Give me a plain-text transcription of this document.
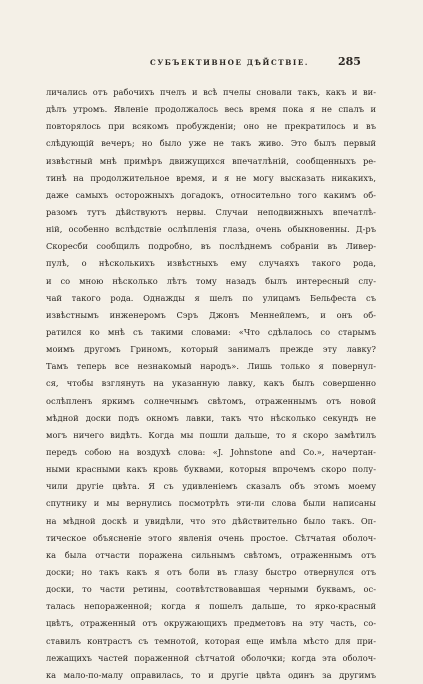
СУБЪЕКТИВНОЕ ДѢЙСТВІЕ.	285
личались отъ рабочихъ пчелъ и всѣ пчелы сновали такъ, какъ и ви-
дѣлъ утромъ. Явленіе продолжалось весь время пока я не спалъ и
повторялось при всякомъ пробужденіи; оно не прекратилось и въ
слѣдующій вечеръ; но было уже не такъ живо. Это былъ первый
извѣстный мнѣ примѣръ движущихся впечатлѣній, сообщенныхъ ре-
тинѣ на продолжительное время, и я не могу высказать никакихъ,
даже самыхъ осторожныхъ догадокъ, относительно того какимъ об-
разомъ тутъ дѣйствуютъ нервы. Случаи неподвижныхъ впечатлѣ-
ній, особенно вслѣдствіе ослѣпленія глаза, очень обыкновенны. Д-ръ
Скоресби сообщилъ подробно, въ послѣднемъ собраніи въ Ливер-
пулѣ, о нѣсколькихъ извѣстныхъ ему случаяхъ такого рода,
и со мною нѣсколько лѣтъ тому назадъ былъ интересный слу-
чай такого рода. Однажды я шелъ по улицамъ Бельфеста съ
извѣстнымъ инженеромъ Сэръ Джонъ Меннейлемъ, и онъ об-
ратился ко мнѣ съ такими словами: «Что сдѣлалось со старымъ
моимъ другомъ Гриномъ, который занималъ прежде эту лавку?
Тамъ теперь все незнакомый народъ». Лишь только я повернул-
ся, чтобы взглянуть на указанную лавку, какъ былъ совершенно
ослѣпленъ яркимъ солнечнымъ свѣтомъ, отраженнымъ отъ новой
мѣдной доски подъ окномъ лавки, такъ что нѣсколько секундъ не
могъ ничего видѣть. Когда мы пошли дальше, то я скоро замѣтилъ
передъ собою на воздухѣ слова: «J. Johnstone and Co.», начертан-
ными красными какъ кровь буквами, которыя впрочемъ скоро полу-
чили другіе цвѣта. Я съ удивленіемъ сказалъ объ этомъ моему
спутнику и мы вернулись посмотрѣть эти-ли слова были написаны
на мѣдной доскѣ и увидѣли, что это дѣйствительно было такъ. Оп-
тическое объясненіе этого явленія очень простое. Сѣтчатая оболоч-
ка была отчасти поражена сильнымъ свѣтомъ, отраженнымъ отъ
доски; но такъ какъ я отъ боли въ глазу быстро отвернулся отъ
доски, то части ретины, соотвѣтствовавшая черными буквамъ, ос-
талась непораженной; когда я пошелъ дальше, то ярко-красный
цвѣтъ, отраженный отъ окружающихъ предметовъ на эту часть, со-
ставилъ контрастъ съ темнотой, которая еще имѣла мѣсто для при-
лежащихъ частей пораженной сѣтчатой оболочки; когда эта оболоч-
ка мало-по-малу оправилась, то и другіе цвѣта одинъ за другимъ
